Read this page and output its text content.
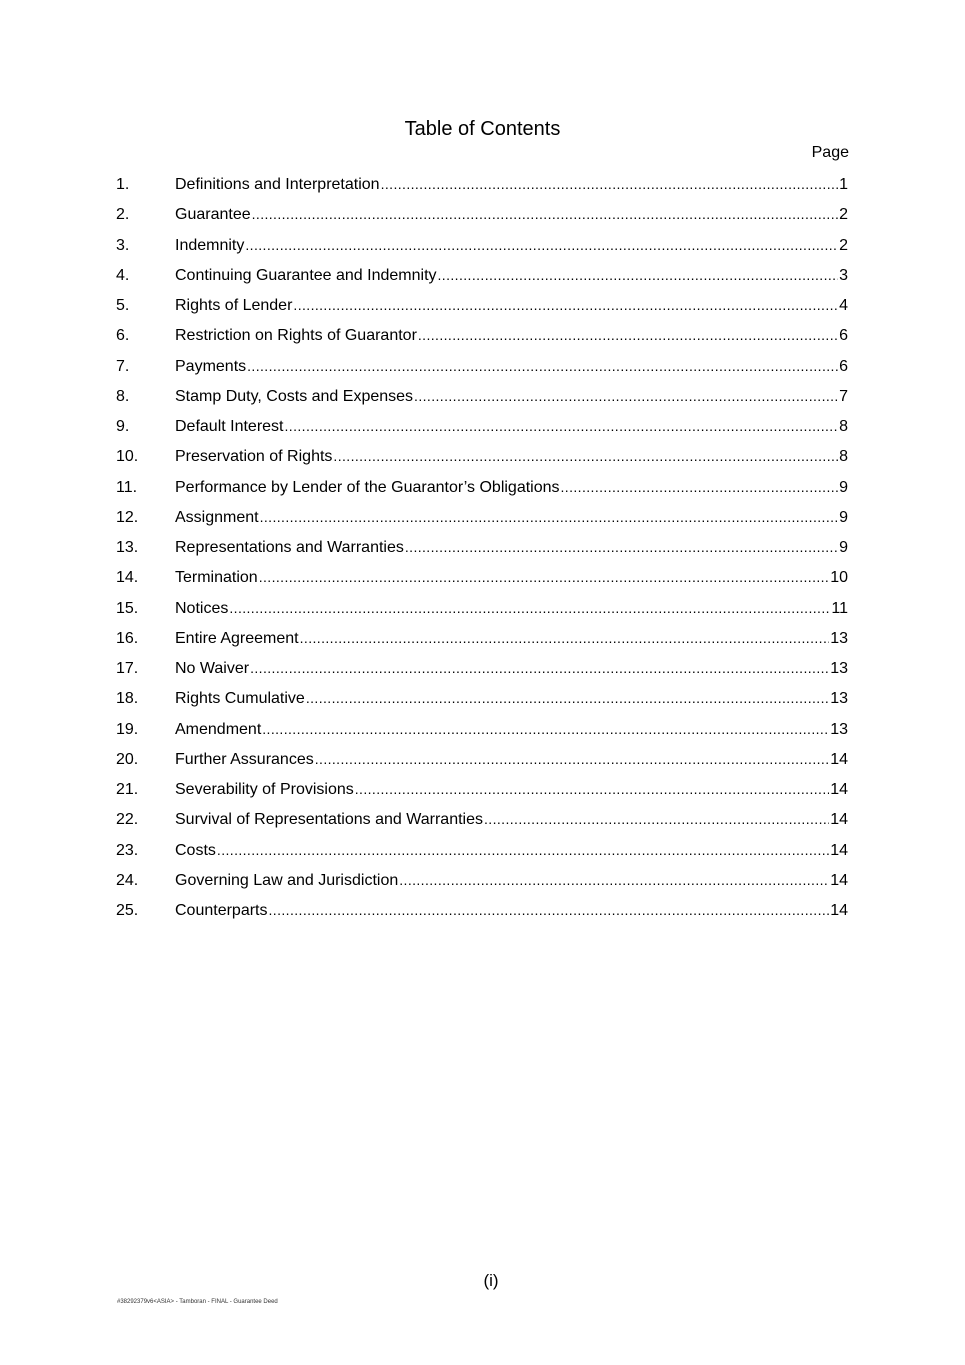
Table of Contents
Page
1.	Definitions and Interpretation .....	1
2.	Guarantee .....	2
3.	Indemnity .....	2
4.	Continuing Guarantee and Indemnity .....	3
5.	Rights of Lender .....	4
6.	Restriction on Rights of Guarantor .....	6
7.	Payments .....	6
8.	Stamp Duty, Costs and Expenses .....	7
9.	Default Interest .....	8
10.	Preservation of Rights .....	8
11.	Performance by Lender of the Guarantor’s Obligations .....	9
12.	Assignment .....	9
13.	Representations and Warranties .....	9
14.	Termination .....	10
15.	Notices .....	11
16.	Entire Agreement .....	13
17.	No Waiver .....	13
18.	Rights Cumulative .....	13
19.	Amendment .....	13
20.	Further Assurances .....	14
21.	Severability of Provisions .....	14
22.	Survival of Representations and Warranties .....	14
23.	Costs .....	14
24.	Governing Law and Jurisdiction .....	14
25.	Counterparts .....	14
(i)
#38292379v6<ASIA> - Tamboran - FINAL - Guarantee Deed
